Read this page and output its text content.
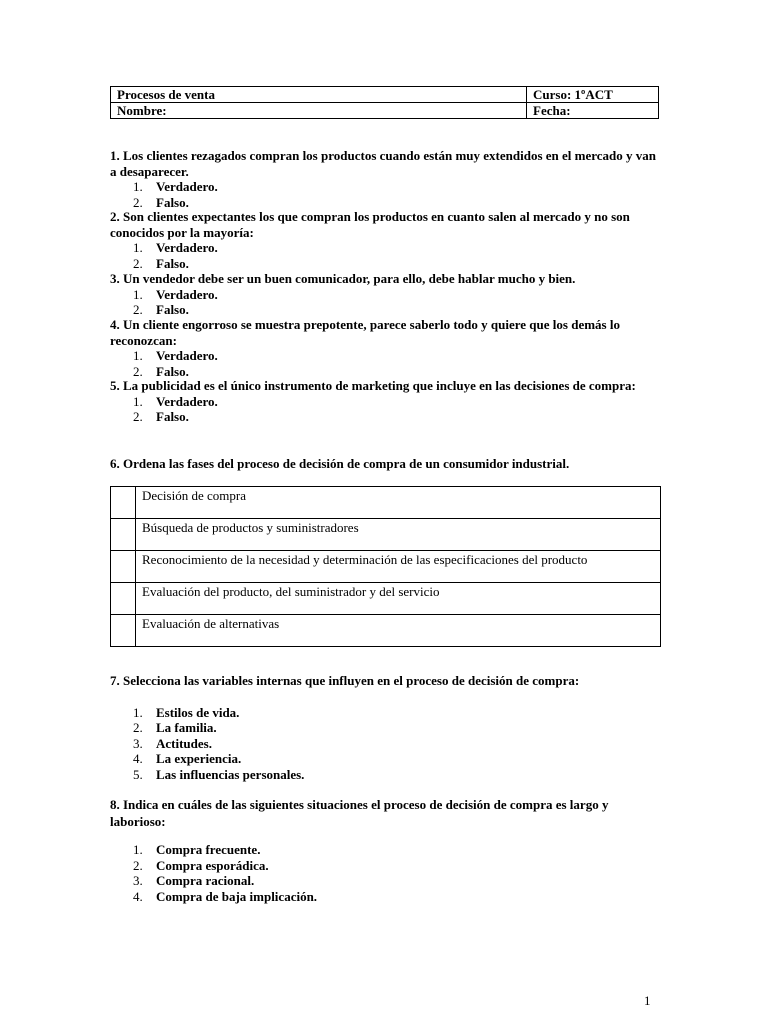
Procesos de venta	Curso: 1ºACT
Nombre:	Fecha:

1. Los clientes rezagados compran los productos cuando están muy extendidos en el mercado y van a desaparecer.

1. Verdadero.
2. Falso.

2. Son clientes expectantes los que compran los productos en cuanto salen al mercado y no son conocidos por la mayoría:

1. Verdadero.
2. Falso.

3. Un vendedor debe ser un buen comunicador, para ello, debe hablar mucho y bien.

1. Verdadero.
2. Falso.

4. Un cliente engorroso se muestra prepotente, parece saberlo todo y quiere que los demás lo reconozcan:

1. Verdadero.
2. Falso.

5. La publicidad es el único instrumento de marketing que incluye en las decisiones de compra:

1. Verdadero.
2. Falso.

6. Ordena las fases del proceso de decisión de compra de un consumidor industrial.

	Decisión de compra
	Búsqueda de productos y suministradores
	Reconocimiento de la necesidad y determinación de las especificaciones del producto
	Evaluación del producto, del suministrador y del servicio
	Evaluación de alternativas

7. Selecciona las variables internas que influyen en el proceso de decisión de compra:

1. Estilos de vida.
2. La familia.
3. Actitudes.
4. La experiencia.
5. Las influencias personales.

8. Indica en cuáles de las siguientes situaciones el proceso de decisión de compra es largo y laborioso:

1. Compra frecuente.
2. Compra esporádica.
3. Compra racional.
4. Compra de baja implicación.
1
